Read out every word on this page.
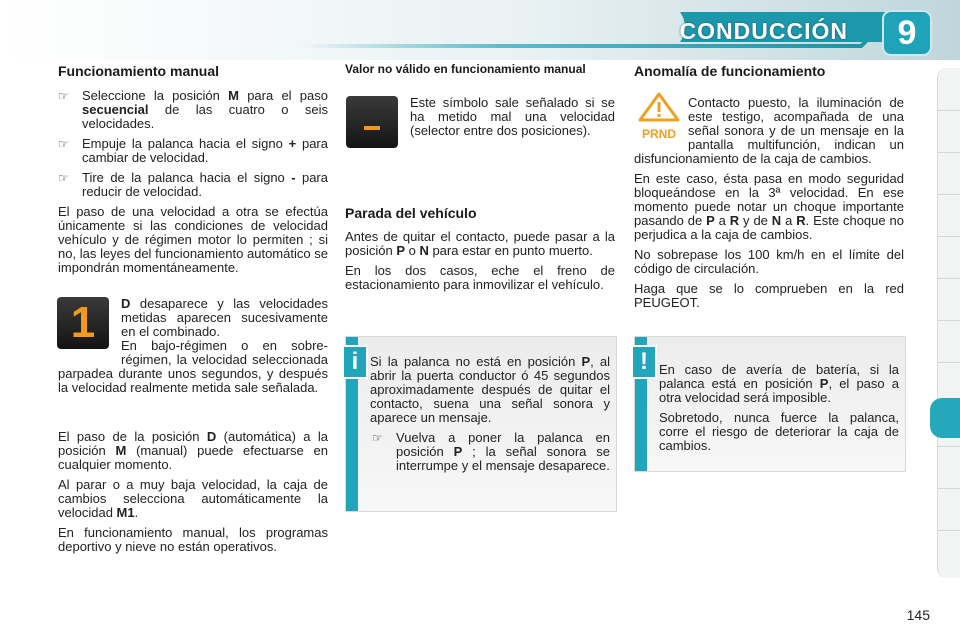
CONDUCCIÓN	9
Funcionamiento manual
☞ Seleccione la posición M para el paso secuencial de las cuatro o seis velocidades.
☞ Empuje la palanca hacia el signo + para cambiar de velocidad.
☞ Tire de la palanca hacia el signo - para reducir de velocidad.

El paso de una velocidad a otra se efectúa únicamente si las condiciones de velocidad vehículo y de régimen motor lo permiten ; si no, las leyes del funcionamiento automático se impondrán momentáneamente.

1	D desaparece y las velocidades metidas aparecen sucesivamente en el combinado.

En bajo-régimen o en sobre-régimen, la velocidad seleccionada parpadea durante unos segundos, y después la velocidad realmente metida sale señalada.

El paso de la posición D (automática) a la posición M (manual) puede efectuarse en cualquier momento.

Al parar o a muy baja velocidad, la caja de cambios selecciona automáticamente la velocidad M1.

En funcionamiento manual, los programas deportivo y nieve no están operativos.

Valor no válido en funcionamiento manual

Este símbolo sale señalado si se ha metido mal una velocidad (selector entre dos posiciones).

Parada del vehículo

Antes de quitar el contacto, puede pasar a la posición P o N para estar en punto muerto.

En los dos casos, eche el freno de estacionamiento para inmovilizar el vehículo.

i Si la palanca no está en posición P, al abrir la puerta conductor ó 45 segundos aproximadamente después de quitar el contacto, suena una señal sonora y aparece un mensaje.

☞ Vuelva a poner la palanca en posición P ; la señal sonora se interrumpe y el mensaje desaparece.
Anomalía de funcionamiento
PRND

Contacto puesto, la iluminación de este testigo, acompañada de una señal sonora y de un mensaje en la pantalla multifunción, indican un disfuncionamiento de la caja de cambios.

En este caso, ésta pasa en modo seguridad bloqueándose en la 3ª velocidad. En ese momento puede notar un choque importante pasando de P a R y de N a R. Este choque no perjudica a la caja de cambios.

No sobrepase los 100 km/h en el límite del código de circulación.

Haga que se lo comprueben en la red PEUGEOT.

! En caso de avería de batería, si la palanca está en posición P, el paso a otra velocidad será imposible.

Sobretodo, nunca fuerce la palanca, corre el riesgo de deteriorar la caja de cambios.

145
